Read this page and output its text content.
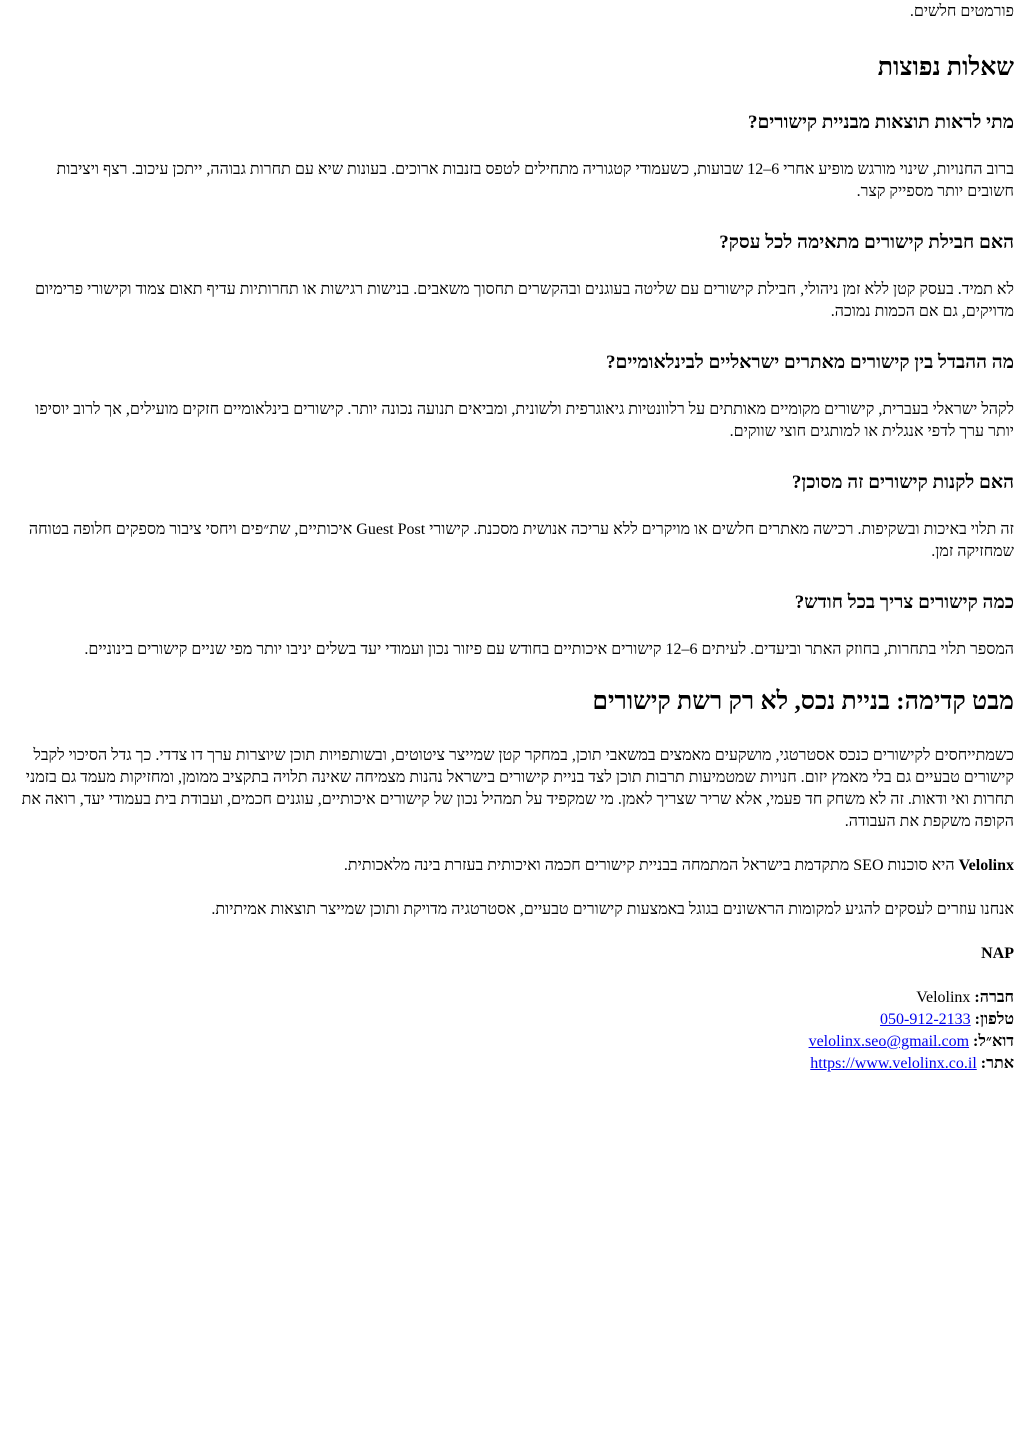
פורמטים חלשים.

שאלות נפוצות
מתי לראות תוצאות מבניית קישורים?

ברוב החנויות, שינוי מורגש מופיע אחרי 6–12 שבועות, כשעמודי קטגוריה מתחילים לטפס בזנבות ארוכים. בעונות שיא עם תחרות גבוהה, ייתכן עיכוב. רצף ויציבות חשובים יותר מספייק קצר.

האם חבילת קישורים מתאימה לכל עסק?

לא תמיד. בעסק קטן ללא זמן ניהולי, חבילת קישורים עם שליטה בעוגנים ובהקשרים תחסוך משאבים. בנישות רגישות או תחרותיות עדיף תאום צמוד וקישורי פרימיום מדויקים, גם אם הכמות נמוכה.

מה ההבדל בין קישורים מאתרים ישראליים לבינלאומיים?

לקהל ישראלי בעברית, קישורים מקומיים מאותתים על רלוונטיות גיאוגרפית ולשונית, ומביאים תנועה נכונה יותר. קישורים בינלאומיים חזקים מועילים, אך לרוב יוסיפו יותר ערך לדפי אנגלית או למותגים חוצי שווקים.

האם לקנות קישורים זה מסוכן?

זה תלוי באיכות ובשקיפות. רכישה מאתרים חלשים או מויקרים ללא עריכה אנושית מסכנת. קישורי Guest Post איכותיים, שת״פים ויחסי ציבור מספקים חלופה בטוחה שמחזיקה זמן.

כמה קישורים צריך בכל חודש?

המספר תלוי בתחרות, בחוזק האתר וביעדים. לעיתים 6–12 קישורים איכותיים בחודש עם פיזור נכון ועמודי יעד בשלים יניבו יותר מפי שניים קישורים בינוניים.

מבט קדימה: בניית נכס, לא רק רשת קישורים

כשמתייחסים לקישורים כנכס אסטרטגי, מושקעים מאמצים במשאבי תוכן, במחקר קטן שמייצר ציטוטים, ובשותפויות תוכן שיוצרות ערך דו צדדי. כך גדל הסיכוי לקבל קישורים טבעיים גם בלי מאמץ יזום. חנויות שמטמיעות תרבות תוכן לצד בניית קישורים בישראל נהנות מצמיחה שאינה תלויה בתקציב ממומן, ומחזיקות מעמד גם בזמני תחרות ואי ודאות. זה לא משחק חד פעמי, אלא שריר שצריך לאמן. מי שמקפיד על תמהיל נכון של קישורים איכותיים, עוגנים חכמים, ועבודת בית בעמודי יעד, רואה את הקופה משקפת את העבודה.

Velolinx היא סוכנות SEO מתקדמת בישראל המתמחה בבניית קישורים חכמה ואיכותית בעזרת בינה מלאכותית.

אנחנו עוזרים לעסקים להגיע למקומות הראשונים בגוגל באמצעות קישורים טבעיים, אסטרטגיה מדויקת ותוכן שמייצר תוצאות אמיתיות.

NAP

חברה: Velolinx
טלפון: 050-912-2133
דוא״ל: velolinx.seo@gmail.com
אתר: https://www.velolinx.co.il
